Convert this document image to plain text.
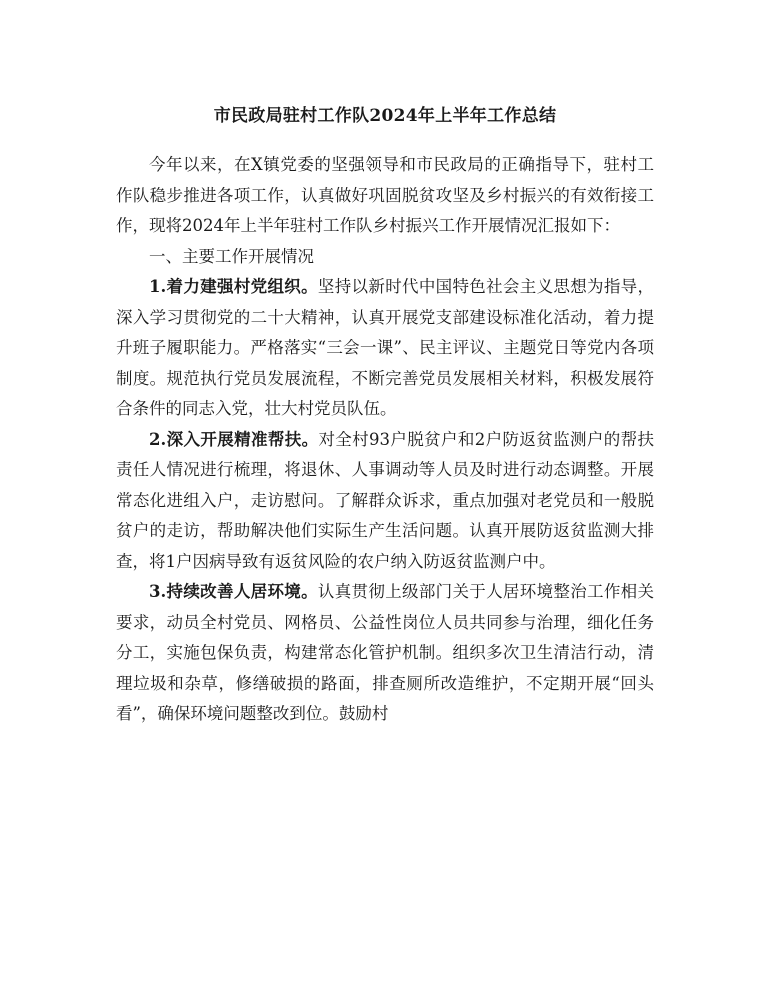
市民政局驻村工作队2024年上半年工作总结

今年以来，在X镇党委的坚强领导和市民政局的正确指导下，驻村工作队稳步推进各项工作，认真做好巩固脱贫攻坚及乡村振兴的有效衔接工作，现将2024年上半年驻村工作队乡村振兴工作开展情况汇报如下：

一、主要工作开展情况

1.着力建强村党组织。坚持以新时代中国特色社会主义思想为指导，深入学习贯彻党的二十大精神，认真开展党支部建设标准化活动，着力提升班子履职能力。严格落实“三会一课”、民主评议、主题党日等党内各项制度。规范执行党员发展流程，不断完善党员发展相关材料，积极发展符合条件的同志入党，壮大村党员队伍。

2.深入开展精准帮扶。对全村93户脱贫户和2户防返贫监测户的帮扶责任人情况进行梳理，将退休、人事调动等人员及时进行动态调整。开展常态化进组入户，走访慰问。了解群众诉求，重点加强对老党员和一般脱贫户的走访，帮助解决他们实际生产生活问题。认真开展防返贫监测大排查，将1户因病导致有返贫风险的农户纳入防返贫监测户中。

3.持续改善人居环境。认真贯彻上级部门关于人居环境整治工作相关要求，动员全村党员、网格员、公益性岗位人员共同参与治理，细化任务分工，实施包保负责，构建常态化管护机制。组织多次卫生清洁行动，清理垃圾和杂草，修缮破损的路面，排查厕所改造维护，不定期开展“回头看”，确保环境问题整改到位。鼓励村
